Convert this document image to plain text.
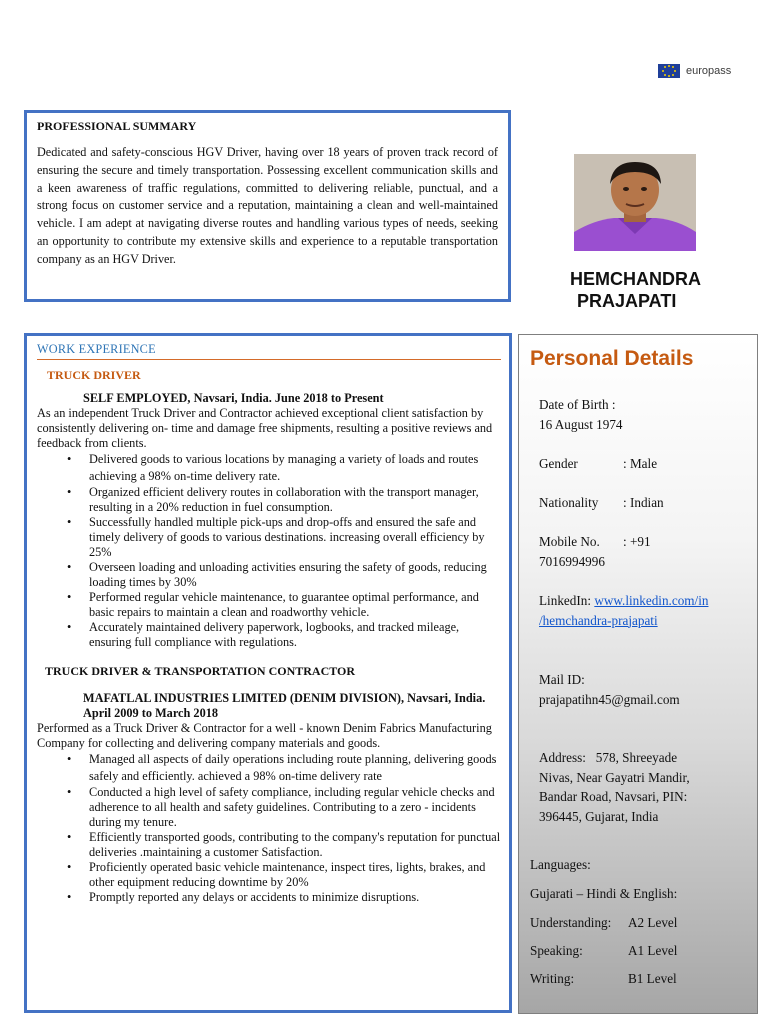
europass
PROFESSIONAL SUMMARY

Dedicated and safety-conscious HGV Driver, having over 18 years of proven track record of ensuring the secure and timely transportation. Possessing excellent communication skills and a keen awareness of traffic regulations, committed to delivering reliable, punctual, and a strong focus on customer service and a reputation, maintaining a clean and well-maintained vehicle. I am adept at navigating diverse routes and handling various types of needs, seeking an opportunity to contribute my extensive skills and experience to a reputable transportation company as an HGV Driver.

HEMCHANDRA
PRAJAPATI
WORK EXPERIENCE
TRUCK DRIVER
SELF EMPLOYED, Navsari, India. June 2018 to Present

As an independent Truck Driver and Contractor achieved exceptional client satisfaction by consistently delivering on- time and damage free shipments, resulting a positive reviews and feedback from clients.

• Delivered goods to various locations by managing a variety of loads and routes achieving a 98% on-time delivery rate.
• Organized efficient delivery routes in collaboration with the transport manager, resulting in a 20% reduction in fuel consumption.
• Successfully handled multiple pick-ups and drop-offs and ensured the safe and timely delivery of goods to various destinations. increasing overall efficiency by 25%
• Overseen loading and unloading activities ensuring the safety of goods, reducing loading times by 30%
• Performed regular vehicle maintenance, to guarantee optimal performance, and basic repairs to maintain a clean and roadworthy vehicle.
• Accurately maintained delivery paperwork, logbooks, and tracked mileage, ensuring full compliance with regulations.
TRUCK DRIVER & TRANSPORTATION CONTRACTOR
MAFATLAL INDUSTRIES LIMITED (DENIM DIVISION), Navsari, India.
April 2009 to March 2018

Performed as a Truck Driver & Contractor for a well - known Denim Fabrics Manufacturing Company for collecting and delivering company materials and goods.

• Managed all aspects of daily operations including route planning, delivering goods safely and efficiently. achieved a 98% on-time delivery rate
• Conducted a high level of safety compliance, including regular vehicle checks and adherence to all health and safety guidelines. Contributing to a zero - incidents during my tenure.
• Efficiently transported goods, contributing to the company's reputation for punctual deliveries .maintaining a customer Satisfaction.
• Proficiently operated basic vehicle maintenance, inspect tires, lights, brakes, and other equipment reducing downtime by 20%
• Promptly reported any delays or accidents to minimize disruptions.
Personal Details
Date of Birth :
16 August 1974
Gender	: Male
Nationality : Indian
Mobile No. : +91
7016994996
LinkedIn: www.linkedin.com/in
/hemchandra-prajapati
Mail ID:
prajapatihn45@gmail.com
Address: 578, Shreeyade
Nivas, Near Gayatri Mandir,
Bandar Road, Navsari, PIN:
396445, Gujarat, India
Languages:
Gujarati – Hindi & English:
Understanding: A2 Level
Speaking:	A1 Level
Writing:	B1 Level
